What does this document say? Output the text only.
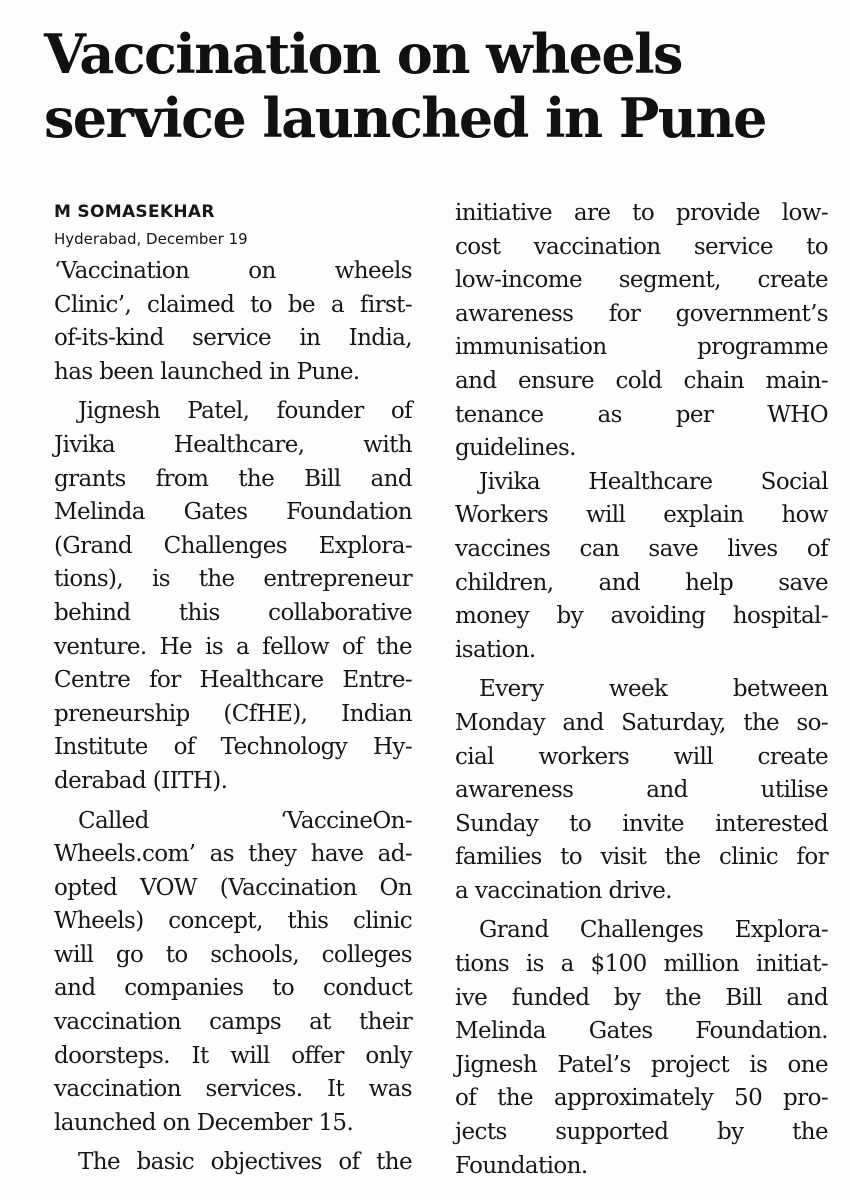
Vaccination on wheels
service launched in Pune
M SOMASEKHAR
Hyderabad, December 19
‘Vaccination on wheels
Clinic’, claimed to be a first-
of-its-kind service in India,
has been launched in Pune.
Jignesh Patel, founder of
Jivika Healthcare, with
grants from the Bill and
Melinda Gates Foundation
(Grand Challenges Explora-
tions), is the entrepreneur
behind this collaborative
venture. He is a fellow of the
Centre for Healthcare Entre-
preneurship (CfHE), Indian
Institute of Technology Hy-
derabad (IITH).
Called ‘VaccineOn-
Wheels.com’ as they have ad-
opted VOW (Vaccination On
Wheels) concept, this clinic
will go to schools, colleges
and companies to conduct
vaccination camps at their
doorsteps. It will offer only
vaccination services. It was
launched on December 15.
The basic objectives of the
initiative are to provide low-
cost vaccination service to
low-income segment, create
awareness for government’s
immunisation programme
and ensure cold chain main-
tenance as per WHO
guidelines.
Jivika Healthcare Social
Workers will explain how
vaccines can save lives of
children, and help save
money by avoiding hospital-
isation.
Every week between
Monday and Saturday, the so-
cial workers will create
awareness and utilise
Sunday to invite interested
families to visit the clinic for
a vaccination drive.
Grand Challenges Explora-
tions is a $100 million initiat-
ive funded by the Bill and
Melinda Gates Foundation.
Jignesh Patel’s project is one
of the approximately 50 pro-
jects supported by the
Foundation.
